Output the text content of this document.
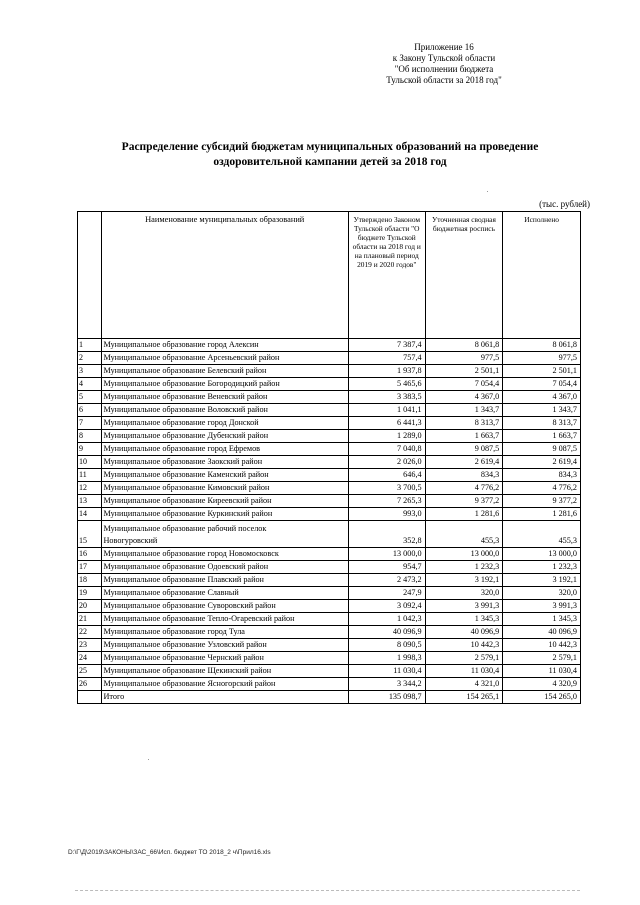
Приложение 16
к Закону Тульской области
"Об исполнении бюджета
Тульской области за 2018 год"
Распределение субсидий бюджетам муниципальных образований на проведение
оздоровительной кампании детей за 2018 год
(тыс. рублей)
	Наименование муниципальных образований	Утверждено Законом Тульской области "О бюджете Тульской области на 2018 год и на плановый период 2019 и 2020 годов"	Уточненная сводная бюджетная роспись	Исполнено
1	Муниципальное образование город Алексин	7 387,4	8 061,8	8 061,8
2	Муниципальное образование Арсеньевский район	757,4	977,5	977,5
3	Муниципальное образование Белевский район	1 937,8	2 501,1	2 501,1
4	Муниципальное образование Богородицкий район	5 465,6	7 054,4	7 054,4
5	Муниципальное образование Веневский район	3 383,5	4 367,0	4 367,0
6	Муниципальное образование Воловский район	1 041,1	1 343,7	1 343,7
7	Муниципальное образование город Донской	6 441,3	8 313,7	8 313,7
8	Муниципальное образование Дубенский район	1 289,0	1 663,7	1 663,7
9	Муниципальное образование город Ефремов	7 040,8	9 087,5	9 087,5
10	Муниципальное образование Заокский район	2 026,0	2 619,4	2 619,4
11	Муниципальное образование Каменский район	646,4	834,3	834,3
12	Муниципальное образование Кимовский район	3 700,5	4 776,2	4 776,2
13	Муниципальное образование Киреевский район	7 265,3	9 377,2	9 377,2
14	Муниципальное образование Куркинский район	993,0	1 281,6	1 281,6
15	Муниципальное образование рабочий поселок
Новогуровский	352,8	455,3	455,3
16	Муниципальное образование город Новомосковск	13 000,0	13 000,0	13 000,0
17	Муниципальное образование Одоевский район	954,7	1 232,3	1 232,3
18	Муниципальное образование Плавский район	2 473,2	3 192,1	3 192,1
19	Муниципальное образование Славный	247,9	320,0	320,0
20	Муниципальное образование Суворовский район	3 092,4	3 991,3	3 991,3
21	Муниципальное образование Тепло-Огаревский район	1 042,3	1 345,3	1 345,3
22	Муниципальное образование город Тула	40 096,9	40 096,9	40 096,9
23	Муниципальное образование Узловский район	8 090,5	10 442,3	10 442,3
24	Муниципальное образование Чернский район	1 998,3	2 579,1	2 579,1
25	Муниципальное образование Щекинский район	11 030,4	11 030,4	11 030,4
26	Муниципальное образование Ясногорский район	3 344,2	4 321,0	4 320,9
	Итого	135 098,7	154 265,1	154 265,0
D:\Г\Д\2019\ЗАКОНЫ\ЗАС_66\Исп. бюджет ТО 2018_2 ч\Прил16.xls
